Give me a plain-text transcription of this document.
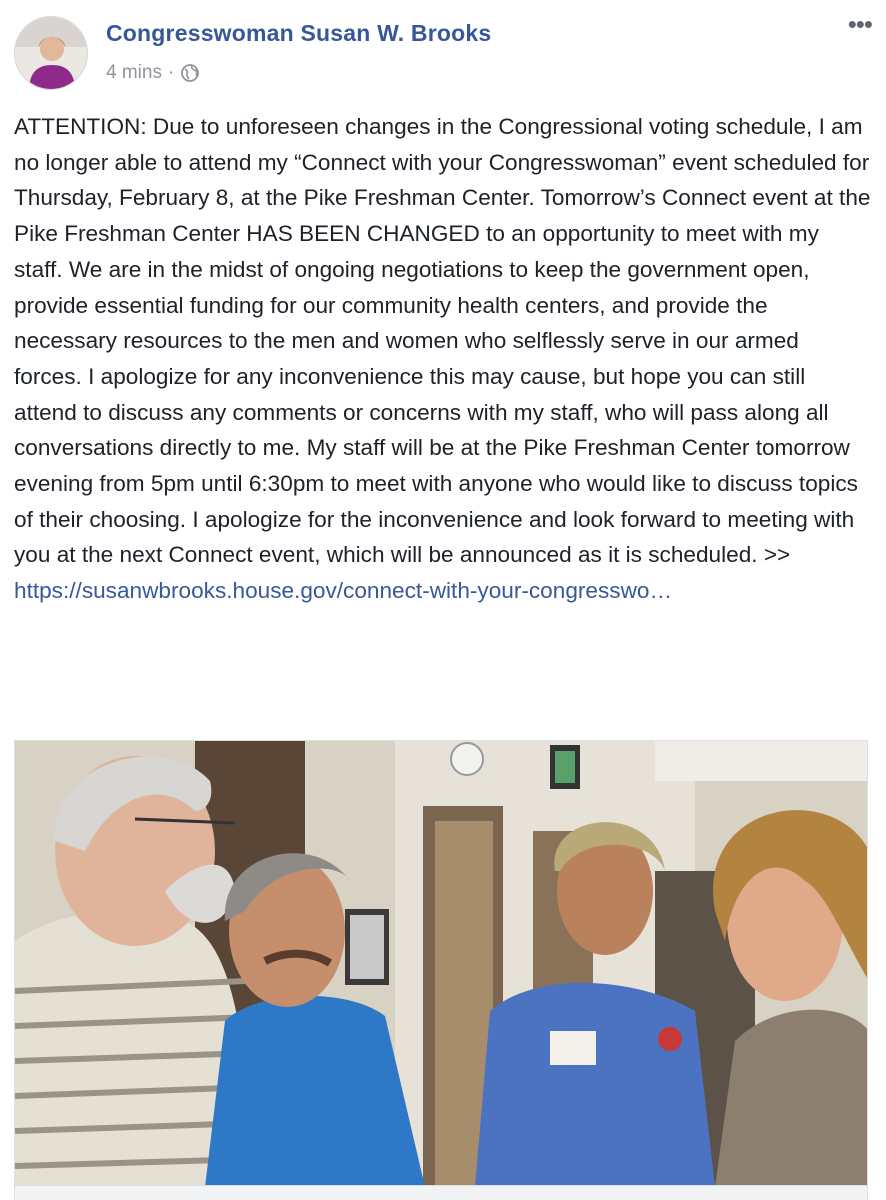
Congresswoman Susan W. Brooks
4 mins ·
•••
ATTENTION: Due to unforeseen changes in the Congressional voting schedule, I am no longer able to attend my “Connect with your Congresswoman” event scheduled for Thursday, February 8, at the Pike Freshman Center. Tomorrow’s Connect event at the Pike Freshman Center HAS BEEN CHANGED to an opportunity to meet with my staff. We are in the midst of ongoing negotiations to keep the government open, provide essential funding for our community health centers, and provide the necessary resources to the men and women who selflessly serve in our armed forces. I apologize for any inconvenience this may cause, but hope you can still attend to discuss any comments or concerns with my staff, who will pass along all conversations directly to me. My staff will be at the Pike Freshman Center tomorrow evening from 5pm until 6:30pm to meet with anyone who would like to discuss topics of their choosing. I apologize for the inconvenience and look forward to meeting with you at the next Connect event, which will be announced as it is scheduled. >> https://susanwbrooks.house.gov/connect-with-your-congresswo…
